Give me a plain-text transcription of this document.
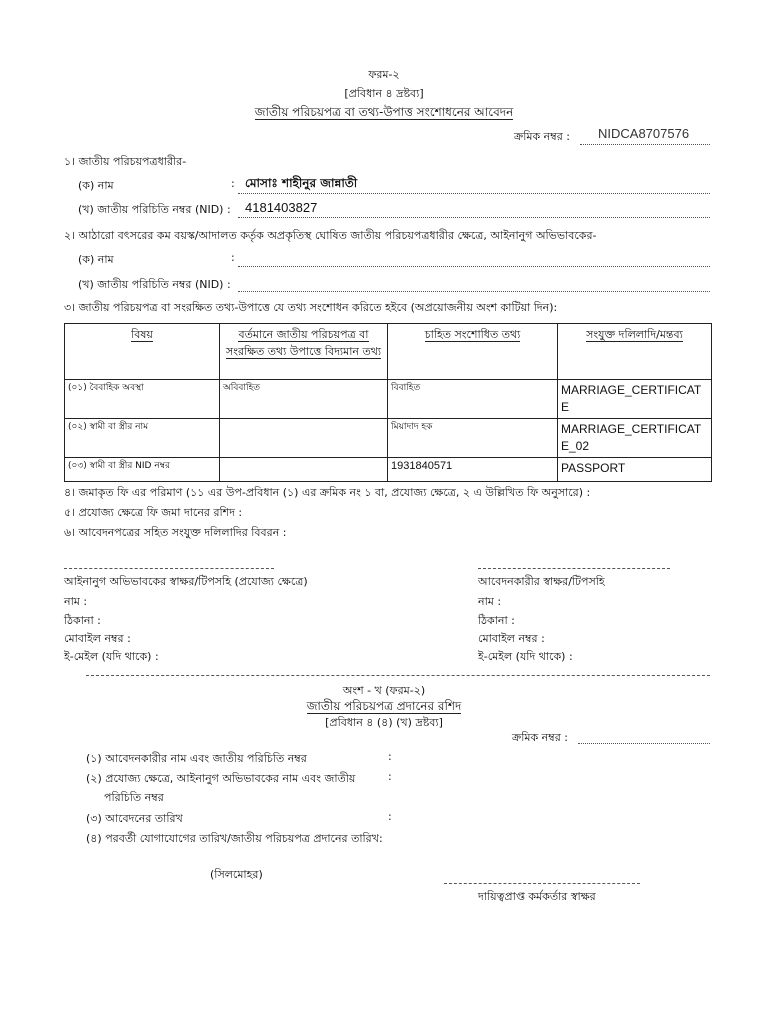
ফরম-২
[প্রবিধান ৪ দ্রষ্টব্য]
জাতীয় পরিচয়পত্র বা তথ্য-উপাত্ত সংশোধনের আবেদন
ক্রমিক নম্বর : NIDCA8707576
১। জাতীয় পরিচয়পত্রধারীর-
(ক) নাম	: মোসাঃ শাহীনুর জান্নাতী
(খ) জাতীয় পরিচিতি নম্বর (NID) : 4181403827
২। আঠারো বৎসরের কম বয়স্ক/আদালত কর্তৃক অপ্রকৃতিস্থ ঘোষিত জাতীয় পরিচয়পত্রধারীর ক্ষেত্রে, আইনানুগ অভিভাবকের-
(ক) নাম	:
(খ) জাতীয় পরিচিতি নম্বর (NID) :
৩। জাতীয় পরিচয়পত্র বা সংরক্ষিত তথ্য-উপাত্তে যে তথ্য সংশোধন করিতে হইবে (অপ্রয়োজনীয় অংশ কাটিয়া দিন):
বিষয়	বর্তমানে জাতীয় পরিচয়পত্র বা সংরক্ষিত তথ্য উপাত্তে বিদ্যমান তথ্য	চাহিত সংশোধিত তথ্য	সংযুক্ত দলিলাদি/মন্তব্য
(০১) বৈবাহিক অবস্থা	অবিবাহিত	বিবাহিত	MARRIAGE_CERTIFICATE
(০২) স্বামী বা স্ত্রীর নাম		মিয়াদাদ হক	MARRIAGE_CERTIFICATE_02
(০৩) স্বামী বা স্ত্রীর NID নম্বর		1931840571	PASSPORT
৪। জমাকৃত ফি এর পরিমাণ (১১ এর উপ-প্রবিধান (১) এর ক্রমিক নং ১ বা, প্রযোজ্য ক্ষেত্রে, ২ এ উল্লিখিত ফি অনুসারে) :
৫। প্রযোজ্য ক্ষেত্রে ফি জমা দানের রশিদ :
৬। আবেদনপত্রের সহিত সংযুক্ত দলিলাদির বিবরন :
আইনানুগ অভিভাবকের স্বাক্ষর/টিপসহি (প্রযোজ্য ক্ষেত্রে)
নাম :
ঠিকানা :
মোবাইল নম্বর :
ই-মেইল (যদি থাকে) :
আবেদনকারীর স্বাক্ষর/টিপসহি
নাম :
ঠিকানা :
মোবাইল নম্বর :
ই-মেইল (যদি থাকে) :
অংশ - খ (ফরম-২)
জাতীয় পরিচয়পত্র প্রদানের রশিদ
[প্রবিধান ৪ (৪) (খ) দ্রষ্টব্য]
ক্রমিক নম্বর :
(১) আবেদনকারীর নাম এবং জাতীয় পরিচিতি নম্বর	:
(২) প্রযোজ্য ক্ষেত্রে, আইনানুগ অভিভাবকের নাম এবং জাতীয়	:
পরিচিতি নম্বর
(৩) আবেদনের তারিখ	:
(৪) পরবর্তী যোগাযোগের তারিখ/জাতীয় পরিচয়পত্র প্রদানের তারিখ:
(সিলমোহর)
দায়িত্বপ্রাপ্ত কর্মকর্তার স্বাক্ষর
